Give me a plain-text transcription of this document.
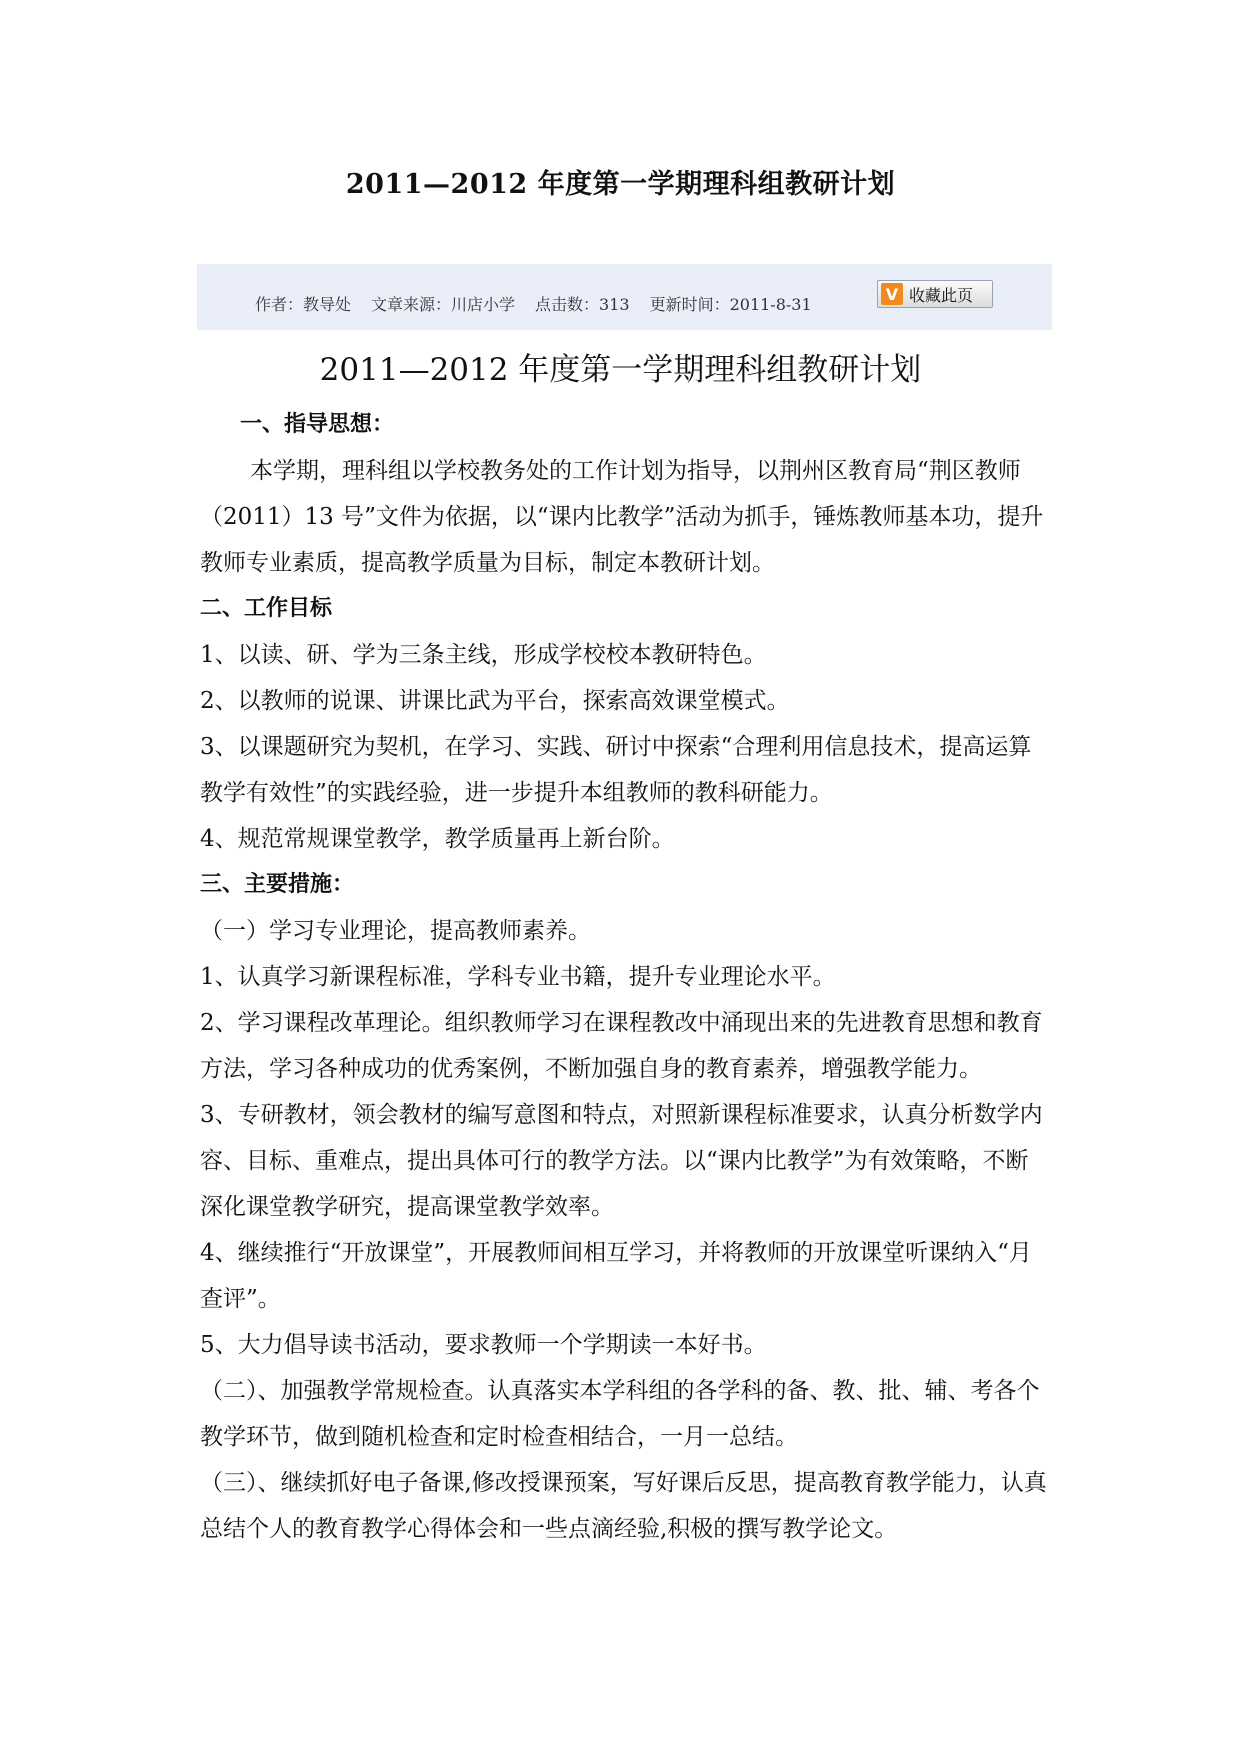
2011—2012 年度第一学期理科组教研计划
作者：教导处 文章来源：川店小学 点击数：313 更新时间：2011-8-31
V 收藏此页
2011—2012 年度第一学期理科组教研计划

一、指导思想：

本学期，理科组以学校教务处的工作计划为指导，以荆州区教育局“荆区教师（2011）13 号”文件为依据，以“课内比教学”活动为抓手，锤炼教师基本功，提升教师专业素质，提高教学质量为目标，制定本教研计划。

二、工作目标

1、以读、研、学为三条主线，形成学校校本教研特色。

2、以教师的说课、讲课比武为平台，探索高效课堂模式。

3、以课题研究为契机，在学习、实践、研讨中探索“合理利用信息技术，提高运算教学有效性”的实践经验，进一步提升本组教师的教科研能力。

4、规范常规课堂教学，教学质量再上新台阶。

三、主要措施：

（一）学习专业理论，提高教师素养。

1、认真学习新课程标准，学科专业书籍，提升专业理论水平。

2、学习课程改革理论。组织教师学习在课程教改中涌现出来的先进教育思想和教育方法，学习各种成功的优秀案例，不断加强自身的教育素养，增强教学能力。

3、专研教材，领会教材的编写意图和特点，对照新课程标准要求，认真分析数学内容、目标、重难点，提出具体可行的教学方法。以“课内比教学”为有效策略，不断深化课堂教学研究，提高课堂教学效率。

4、继续推行“开放课堂”，开展教师间相互学习，并将教师的开放课堂听课纳入“月查评”。

5、大力倡导读书活动，要求教师一个学期读一本好书。

（二）、加强教学常规检查。认真落实本学科组的各学科的备、教、批、辅、考各个教学环节，做到随机检查和定时检查相结合，一月一总结。

（三）、继续抓好电子备课,修改授课预案，写好课后反思，提高教育教学能力，认真总结个人的教育教学心得体会和一些点滴经验,积极的撰写教学论文。
